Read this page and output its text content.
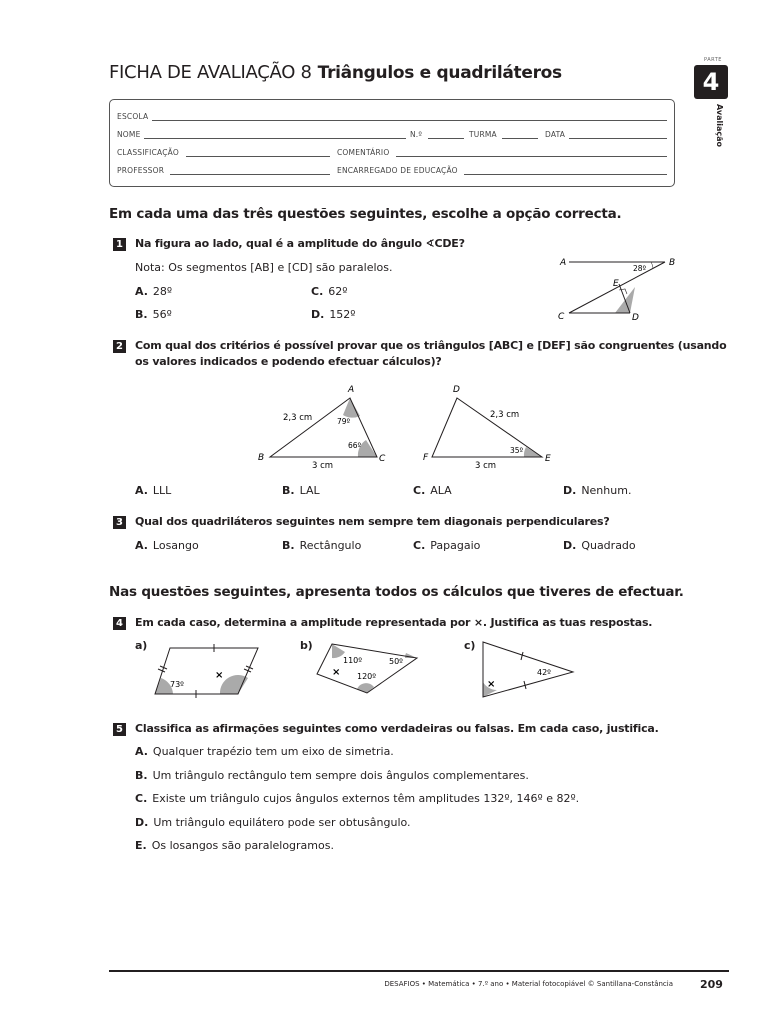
FICHA DE AVALIAÇÃO 8 Triângulos e quadriláteros
PARTE
4
Avaliação
ESCOLA
NOME	N.º	TURMA	DATA
CLASSIFICAÇÃO	COMENTÁRIO
PROFESSOR	ENCARREGADO DE EDUCAÇÃO
Em cada uma das três questões seguintes, escolhe a opção correcta.
1 Na figura ao lado, qual é a amplitude do ângulo ∢CDE?
Nota: Os segmentos [AB] e [CD] são paralelos.
A. 28º	C. 62º
B. 56º	D. 152º
A	B
C	D
E
28º
2 Com qual dos critérios é possível provar que os triângulos [ABC] e [DEF] são congruentes (usando
os valores indicados e podendo efectuar cálculos)?
A
B	C
2,3 cm
3 cm
79º
66º
D
E
F
2,3 cm
3 cm
35º
A. LLL	B. LAL	C. ALA	D. Nenhum.
3 Qual dos quadriláteros seguintes nem sempre tem diagonais perpendiculares?
A. Losango	B. Rectângulo	C. Papagaio	D. Quadrado
Nas questões seguintes, apresenta todos os cálculos que tiveres de efectuar.
4 Em cada caso, determina a amplitude representada por ×. Justifica as tuas respostas.
a)	b)	c)
73º
×
110º	50º
120º
×	42º
×
5 Classifica as afirmações seguintes como verdadeiras ou falsas. Em cada caso, justifica.
A. Qualquer trapézio tem um eixo de simetria.
B. Um triângulo rectângulo tem sempre dois ângulos complementares.
C. Existe um triângulo cujos ângulos externos têm amplitudes 132º, 146º e 82º.
D. Um triângulo equilátero pode ser obtusângulo.
E. Os losangos são paralelogramos.
DESAFIOS • Matemática • 7.º ano • Material fotocopiável © Santillana-Constância 209
